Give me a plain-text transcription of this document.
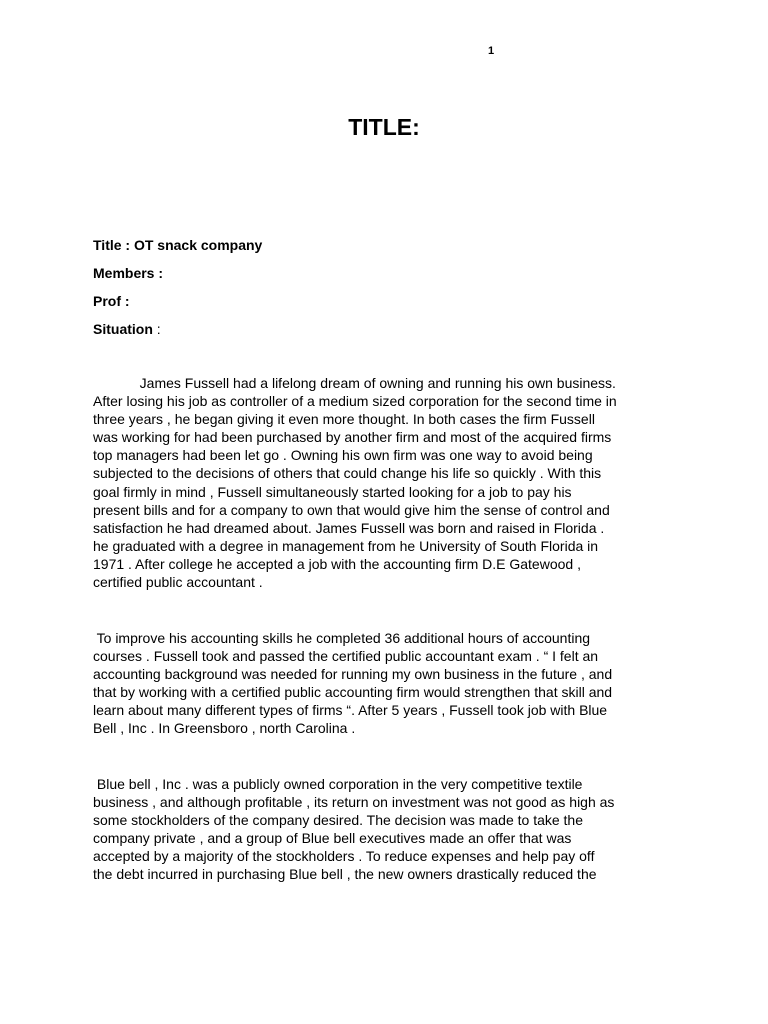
1
TITLE:
Title : OT snack company
Members :
Prof :
Situation :

James Fussell had a lifelong dream of owning and running his own business.
After losing his job as controller of a medium sized corporation for the second time in
three years , he began giving it even more thought. In both cases the firm Fussell
was working for had been purchased by another firm and most of the acquired firms
top managers had been let go . Owning his own firm was one way to avoid being
subjected to the decisions of others that could change his life so quickly . With this
goal firmly in mind , Fussell simultaneously started looking for a job to pay his
present bills and for a company to own that would give him the sense of control and
satisfaction he had dreamed about. James Fussell was born and raised in Florida .
he graduated with a degree in management from he University of South Florida in
1971 . After college he accepted a job with the accounting firm D.E Gatewood ,
certified public accountant .

To improve his accounting skills he completed 36 additional hours of accounting
courses . Fussell took and passed the certified public accountant exam . “ I felt an
accounting background was needed for running my own business in the future , and
that by working with a certified public accounting firm would strengthen that skill and
learn about many different types of firms “. After 5 years , Fussell took job with Blue
Bell , Inc . In Greensboro , north Carolina .

Blue bell , Inc . was a publicly owned corporation in the very competitive textile
business , and although profitable , its return on investment was not good as high as
some stockholders of the company desired. The decision was made to take the
company private , and a group of Blue bell executives made an offer that was
accepted by a majority of the stockholders . To reduce expenses and help pay off
the debt incurred in purchasing Blue bell , the new owners drastically reduced the
